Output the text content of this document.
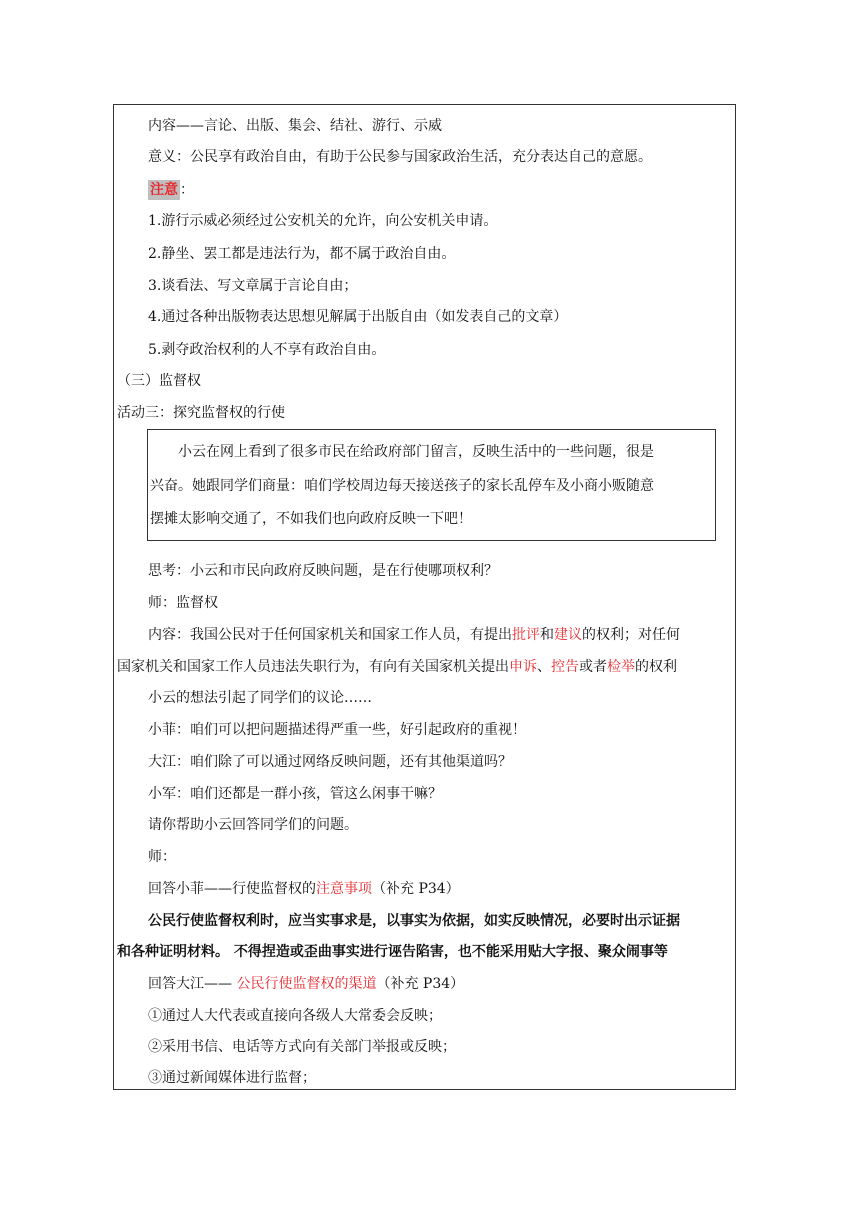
内容——言论、出版、集会、结社、游行、示威
意义：公民享有政治自由，有助于公民参与国家政治生活，充分表达自己的意愿。
注意 ：
1.游行示威必须经过公安机关的允许，向公安机关申请。
2.静坐、罢工都是违法行为，都不属于政治自由。
3.谈看法、写文章属于言论自由；
4.通过各种出版物表达思想见解属于出版自由（如发表自己的文章）
5.剥夺政治权利的人不享有政治自由。
（三）监督权
活动三：探究监督权的行使
小云在网上看到了很多市民在给政府部门留言，反映生活中的一些问题，很是
兴奋。她跟同学们商量：咱们学校周边每天接送孩子的家长乱停车及小商小贩随意
摆摊太影响交通了，不如我们也向政府反映一下吧！
思考：小云和市民向政府反映问题，是在行使哪项权利？
师：监督权
内容：我国公民对于任何国家机关和国家工作人员，有提出批评和建议的权利；对任何
国家机关和国家工作人员违法失职行为，有向有关国家机关提出申诉、控告或者检举的权利
小云的想法引起了同学们的议论……
小菲：咱们可以把问题描述得严重一些，好引起政府的重视！
大江：咱们除了可以通过网络反映问题，还有其他渠道吗？
小军：咱们还都是一群小孩，管这么闲事干嘛？
请你帮助小云回答同学们的问题。
师：
回答小菲——行使监督权的注意事项（补充 P34）
公民行使监督权利时，应当实事求是，以事实为依据，如实反映情况，必要时出示证据
和各种证明材料。 不得捏造或歪曲事实进行诬告陷害，也不能采用贴大字报、聚众闹事等
回答大江—— 公民行使监督权的渠道（补充 P34）
①通过人大代表或直接向各级人大常委会反映；
②采用书信、电话等方式向有关部门举报或反映；
③通过新闻媒体进行监督；
